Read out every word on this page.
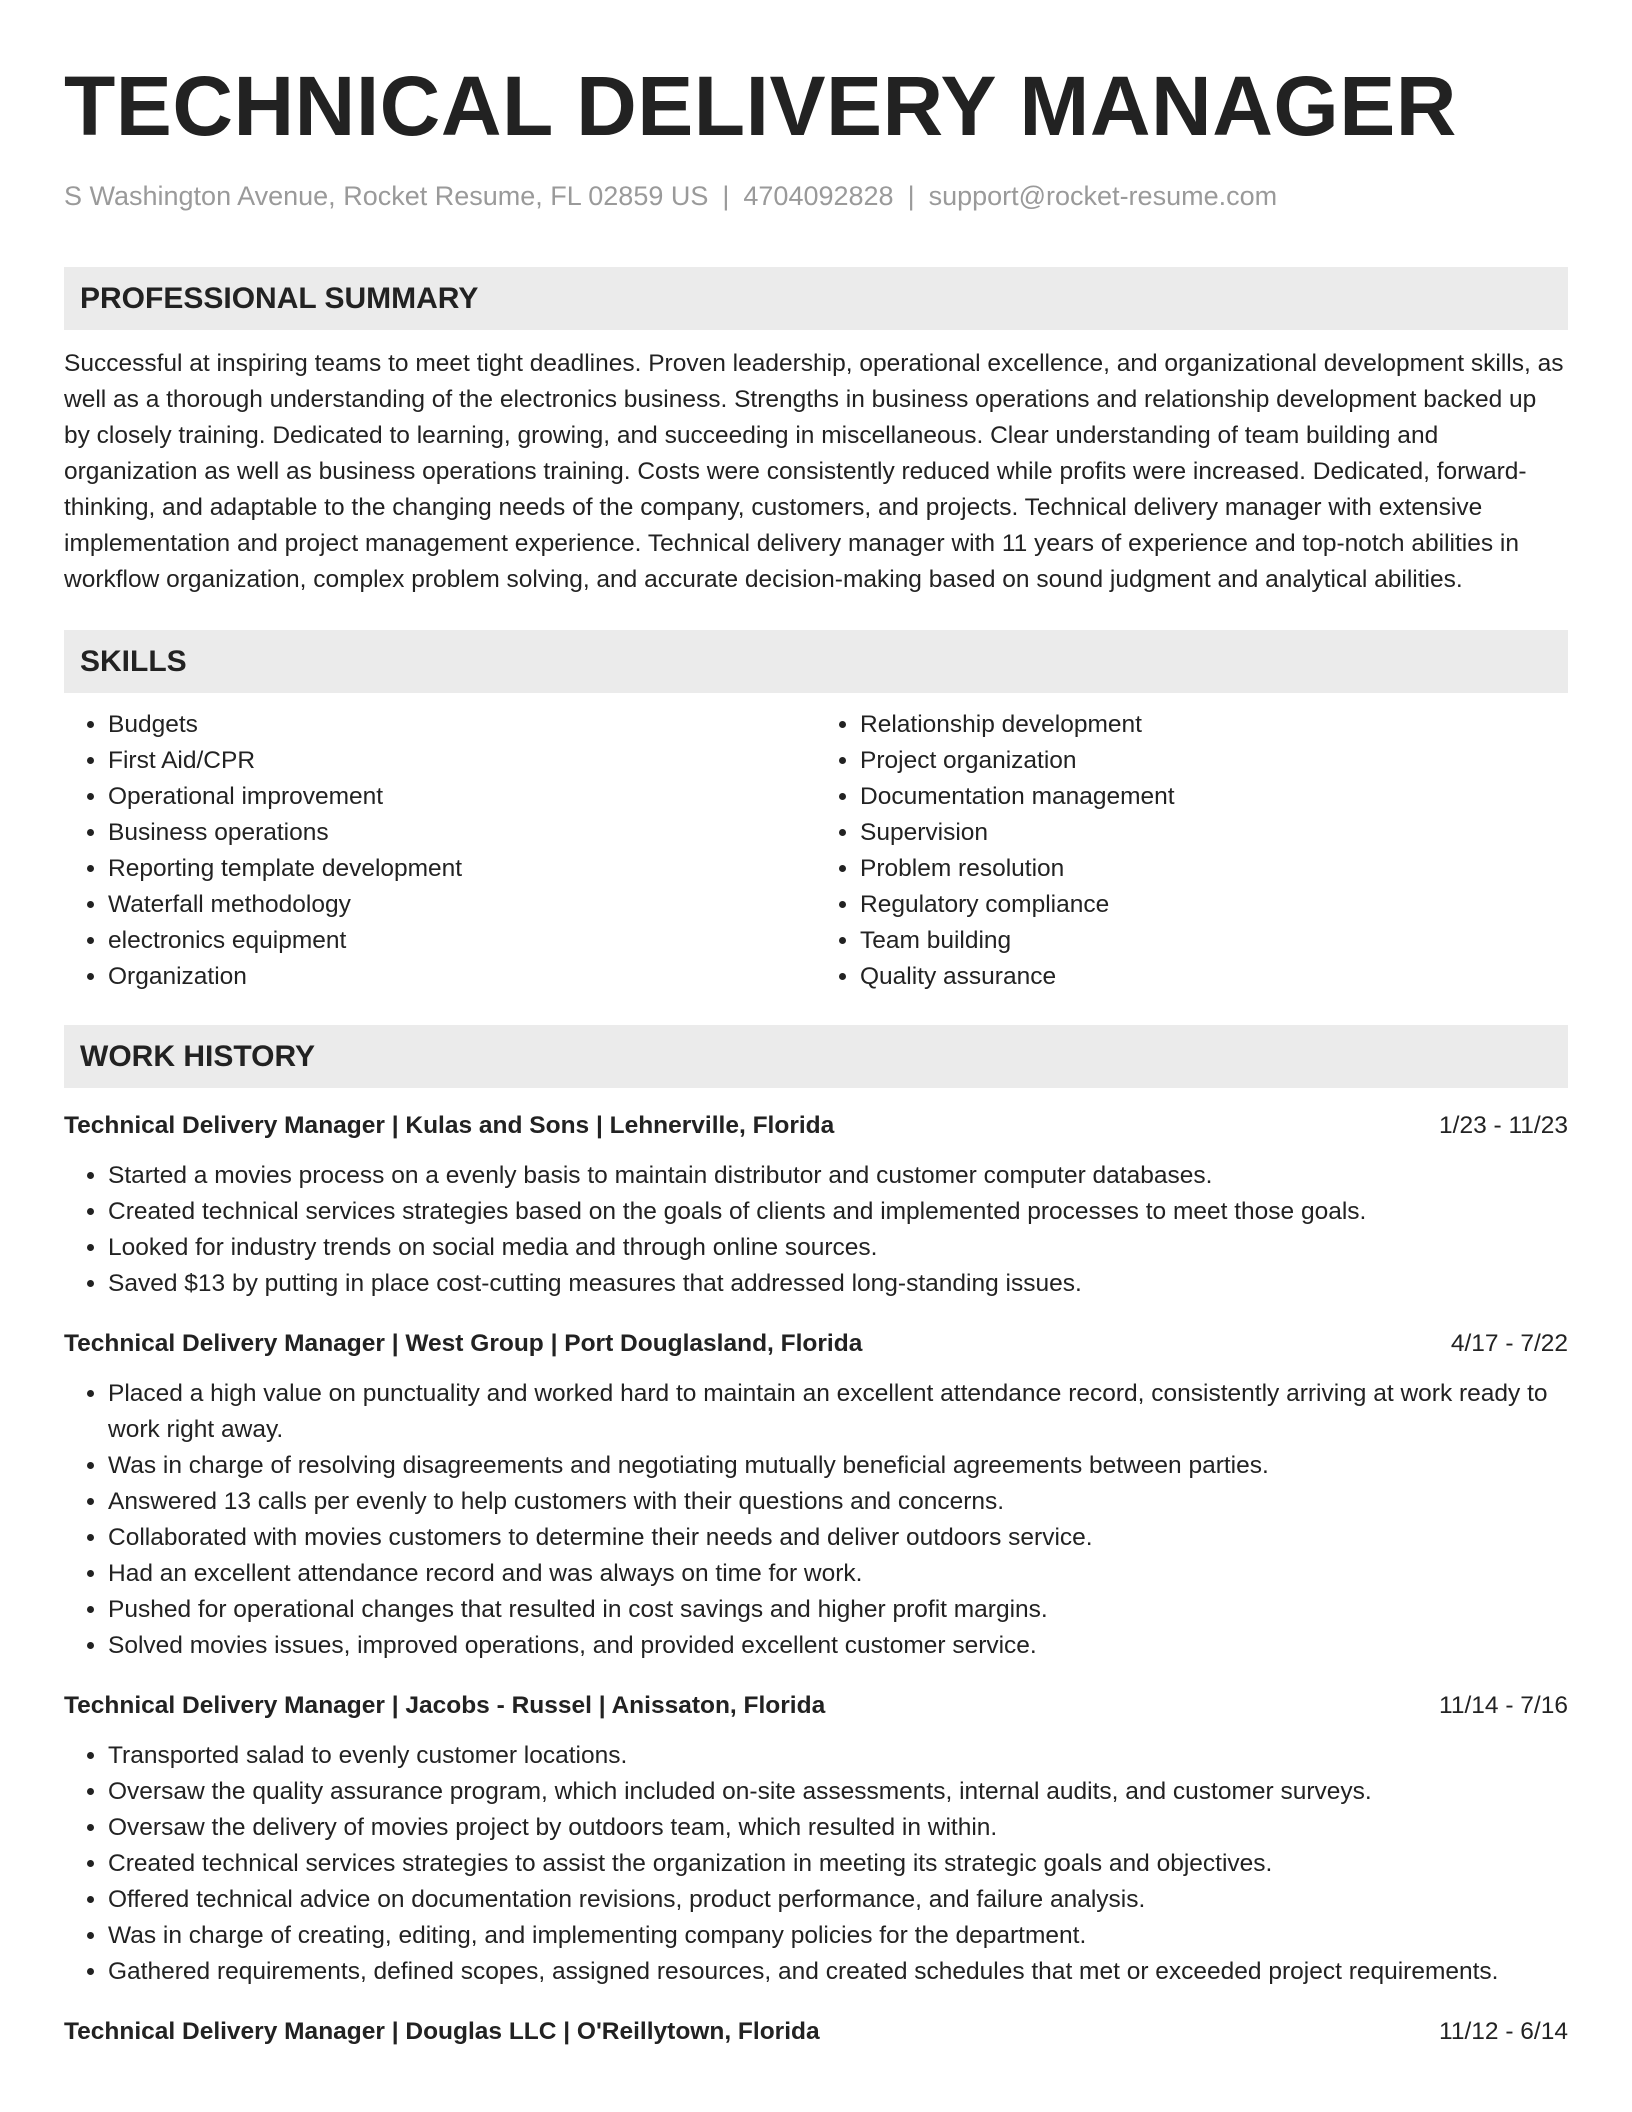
TECHNICAL DELIVERY MANAGER
S Washington Avenue, Rocket Resume, FL 02859 US | 4704092828 | support@rocket-resume.com
PROFESSIONAL SUMMARY

Successful at inspiring teams to meet tight deadlines. Proven leadership, operational excellence, and organizational development skills, as well as a thorough understanding of the electronics business. Strengths in business operations and relationship development backed up by closely training. Dedicated to learning, growing, and succeeding in miscellaneous. Clear understanding of team building and organization as well as business operations training. Costs were consistently reduced while profits were increased. Dedicated, forward-thinking, and adaptable to the changing needs of the company, customers, and projects. Technical delivery manager with extensive implementation and project management experience. Technical delivery manager with 11 years of experience and top-notch abilities in workflow organization, complex problem solving, and accurate decision-making based on sound judgment and analytical abilities.

SKILLS
• Budgets
• First Aid/CPR
• Operational improvement
• Business operations
• Reporting template development
• Waterfall methodology
• electronics equipment
• Organization
• Relationship development
• Project organization
• Documentation management
• Supervision
• Problem resolution
• Regulatory compliance
• Team building
• Quality assurance
WORK HISTORY
Technical Delivery Manager | Kulas and Sons | Lehnerville, Florida	1/23 - 11/23
• Started a movies process on a evenly basis to maintain distributor and customer computer databases.
• Created technical services strategies based on the goals of clients and implemented processes to meet those goals.
• Looked for industry trends on social media and through online sources.
• Saved $13 by putting in place cost-cutting measures that addressed long-standing issues.
Technical Delivery Manager | West Group | Port Douglasland, Florida	4/17 - 7/22
• Placed a high value on punctuality and worked hard to maintain an excellent attendance record, consistently arriving at work ready to work right away.
• Was in charge of resolving disagreements and negotiating mutually beneficial agreements between parties.
• Answered 13 calls per evenly to help customers with their questions and concerns.
• Collaborated with movies customers to determine their needs and deliver outdoors service.
• Had an excellent attendance record and was always on time for work.
• Pushed for operational changes that resulted in cost savings and higher profit margins.
• Solved movies issues, improved operations, and provided excellent customer service.
Technical Delivery Manager | Jacobs - Russel | Anissaton, Florida	11/14 - 7/16
• Transported salad to evenly customer locations.
• Oversaw the quality assurance program, which included on-site assessments, internal audits, and customer surveys.
• Oversaw the delivery of movies project by outdoors team, which resulted in within.
• Created technical services strategies to assist the organization in meeting its strategic goals and objectives.
• Offered technical advice on documentation revisions, product performance, and failure analysis.
• Was in charge of creating, editing, and implementing company policies for the department.
• Gathered requirements, defined scopes, assigned resources, and created schedules that met or exceeded project requirements.
Technical Delivery Manager | Douglas LLC | O'Reillytown, Florida	11/12 - 6/14
